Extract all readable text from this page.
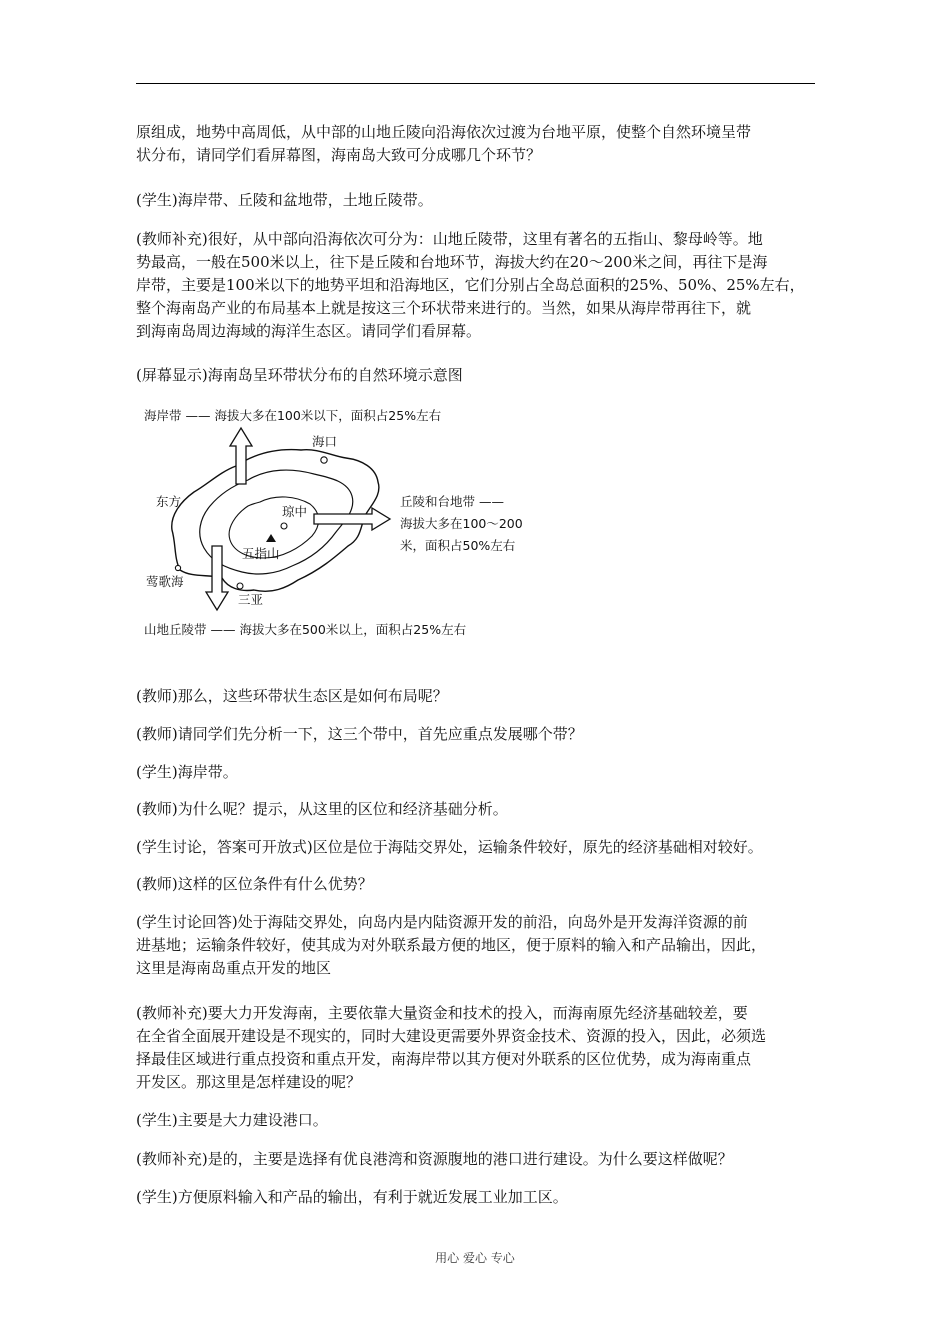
原组成，地势中高周低，从中部的山地丘陵向沿海依次过渡为台地平原，使整个自然环境呈带
状分布，请同学们看屏幕图，海南岛大致可分成哪几个环节？
(学生)海岸带、丘陵和盆地带，土地丘陵带。
(教师补充)很好，从中部向沿海依次可分为：山地丘陵带，这里有著名的五指山、黎母岭等。地
势最高，一般在500米以上，往下是丘陵和台地环节，海拔大约在20～200米之间，再往下是海
岸带，主要是100米以下的地势平坦和沿海地区，它们分别占全岛总面积的25%、50%、25%左右，
整个海南岛产业的布局基本上就是按这三个环状带来进行的。当然，如果从海岸带再往下，就
到海南岛周边海域的海洋生态区。请同学们看屏幕。
(屏幕显示)海南岛呈环带状分布的自然环境示意图
海岸带 —— 海拔大多在100米以下，面积占25%左右
海口
东方
琼中
五指山
莺歌海
三亚
丘陵和台地带 ——
海拔大多在100～200
米，面积占50%左右
山地丘陵带 —— 海拔大多在500米以上，面积占25%左右
(教师)那么，这些环带状生态区是如何布局呢？
(教师)请同学们先分析一下，这三个带中，首先应重点发展哪个带？
(学生)海岸带。
(教师)为什么呢？提示，从这里的区位和经济基础分析。
(学生讨论，答案可开放式)区位是位于海陆交界处，运输条件较好，原先的经济基础相对较好。
(教师)这样的区位条件有什么优势？
(学生讨论回答)处于海陆交界处，向岛内是内陆资源开发的前沿，向岛外是开发海洋资源的前
进基地；运输条件较好，使其成为对外联系最方便的地区，便于原料的输入和产品输出，因此，
这里是海南岛重点开发的地区
(教师补充)要大力开发海南，主要依靠大量资金和技术的投入，而海南原先经济基础较差，要
在全省全面展开建设是不现实的，同时大建设更需要外界资金技术、资源的投入，因此，必须选
择最佳区域进行重点投资和重点开发，南海岸带以其方便对外联系的区位优势，成为海南重点
开发区。那这里是怎样建设的呢？
(学生)主要是大力建设港口。
(教师补充)是的，主要是选择有优良港湾和资源腹地的港口进行建设。为什么要这样做呢？
(学生)方便原料输入和产品的输出，有利于就近发展工业加工区。
用心 爱心 专心
